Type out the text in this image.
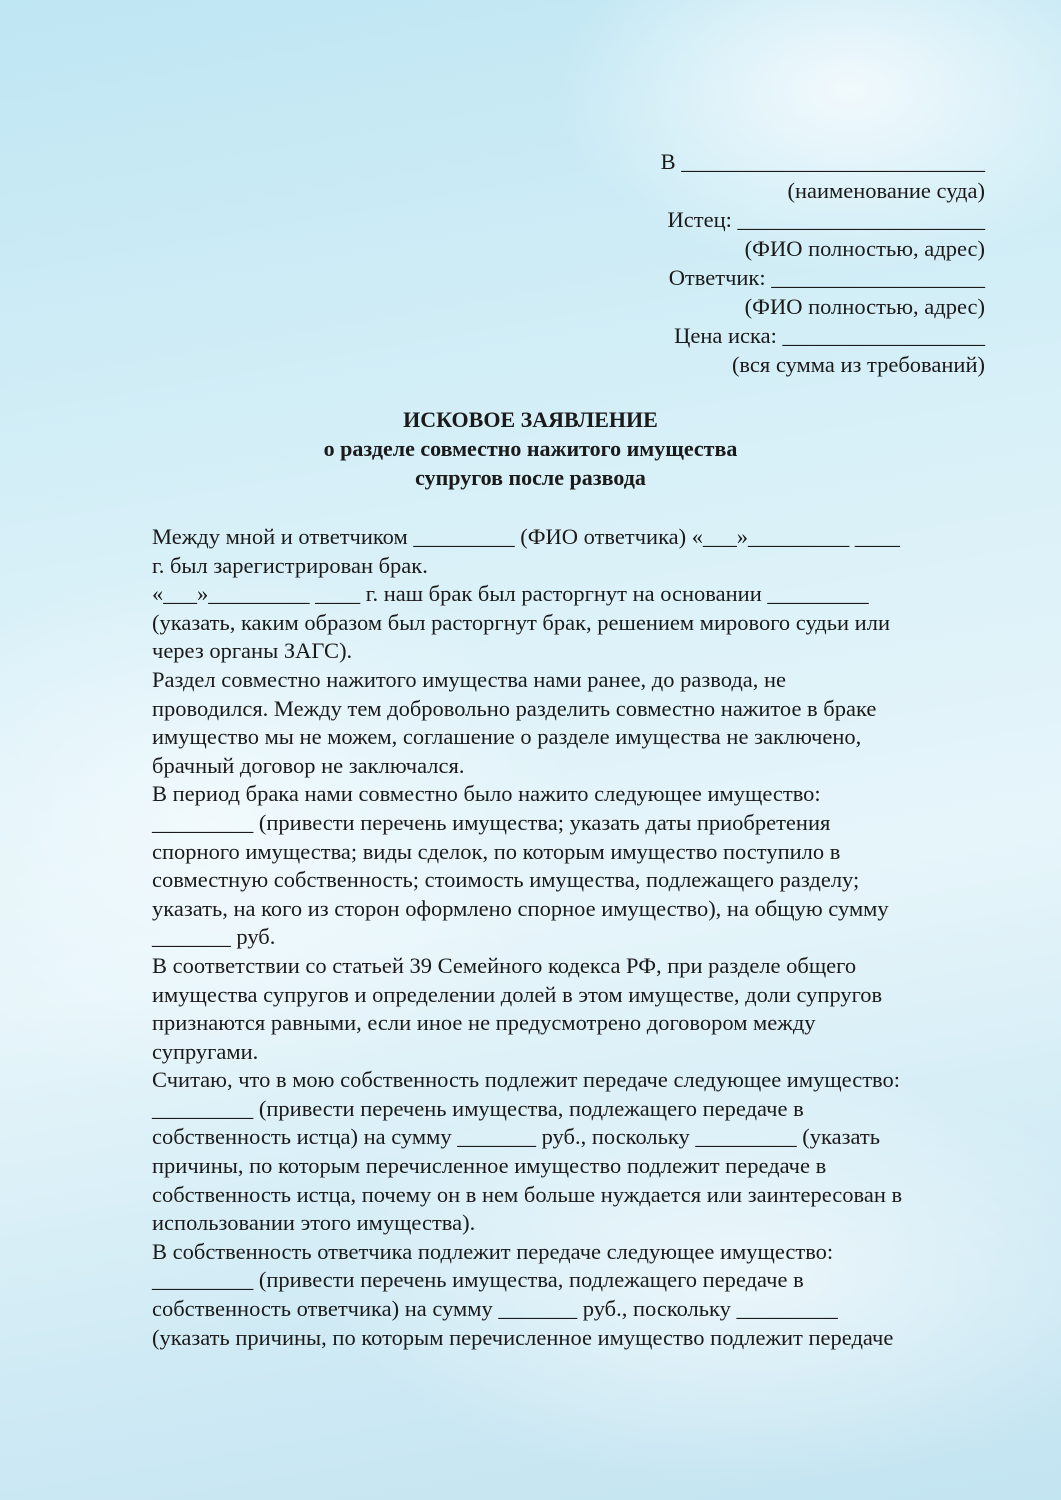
В ___________________________
(наименование суда)
Истец: ______________________
(ФИО полностью, адрес)
Ответчик: ___________________
(ФИО полностью, адрес)
Цена иска: __________________
(вся сумма из требований)
ИСКОВОЕ ЗАЯВЛЕНИЕ
о разделе совместно нажитого имущества
супругов после развода
Между мной и ответчиком _________ (ФИО ответчика) «___»_________ ____
г. был зарегистрирован брак.
«___»_________ ____ г. наш брак был расторгнут на основании _________
(указать, каким образом был расторгнут брак, решением мирового судьи или
через органы ЗАГС).
Раздел совместно нажитого имущества нами ранее, до развода, не
проводился. Между тем добровольно разделить совместно нажитое в браке
имущество мы не можем, соглашение о разделе имущества не заключено,
брачный договор не заключался.
В период брака нами совместно было нажито следующее имущество:
_________ (привести перечень имущества; указать даты приобретения
спорного имущества; виды сделок, по которым имущество поступило в
совместную собственность; стоимость имущества, подлежащего разделу;
указать, на кого из сторон оформлено спорное имущество), на общую сумму
_______ руб.
В соответствии со статьей 39 Семейного кодекса РФ, при разделе общего
имущества супругов и определении долей в этом имуществе, доли супругов
признаются равными, если иное не предусмотрено договором между
супругами.
Считаю, что в мою собственность подлежит передаче следующее имущество:
_________ (привести перечень имущества, подлежащего передаче в
собственность истца) на сумму _______ руб., поскольку _________ (указать
причины, по которым перечисленное имущество подлежит передаче в
собственность истца, почему он в нем больше нуждается или заинтересован в
использовании этого имущества).
В собственность ответчика подлежит передаче следующее имущество:
_________ (привести перечень имущества, подлежащего передаче в
собственность ответчика) на сумму _______ руб., поскольку _________
(указать причины, по которым перечисленное имущество подлежит передаче
